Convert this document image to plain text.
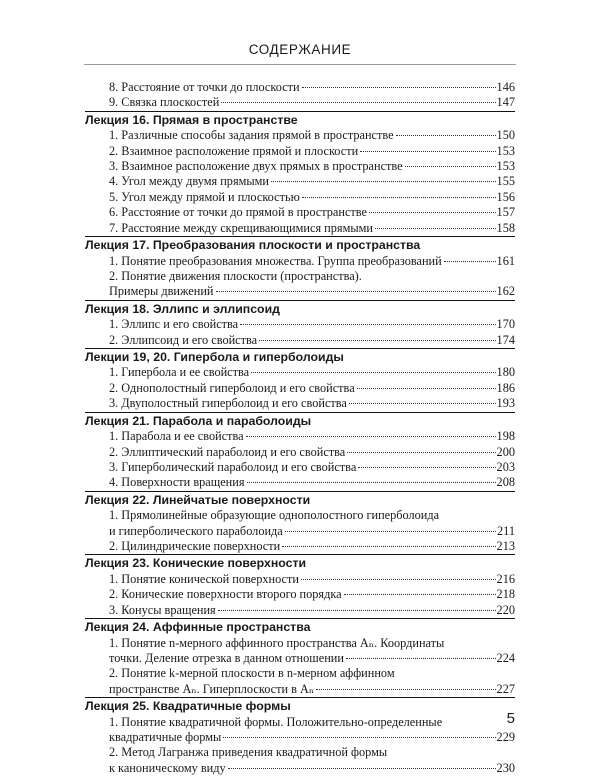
СОДЕРЖАНИЕ
8. Расстояние от точки до плоскости	146
9. Связка плоскостей	147
Лекция 16. Прямая в пространстве
1. Различные способы задания прямой в пространстве	150
2. Взаимное расположение прямой и плоскости	153
3. Взаимное расположение двух прямых в пространстве	153
4. Угол между двумя прямыми	155
5. Угол между прямой и плоскостью	156
6. Расстояние от точки до прямой в пространстве	157
7. Расстояние между скрещивающимися прямыми	158
Лекция 17. Преобразования плоскости и пространства
1. Понятие преобразования множества. Группа преобразований	161
2. Понятие движения плоскости (пространства).
Примеры движений	162
Лекция 18. Эллипс и эллипсоид
1. Эллипс и его свойства	170
2. Эллипсоид и его свойства	174
Лекции 19, 20. Гипербола и гиперболоиды
1. Гипербола и ее свойства	180
2. Однополостный гиперболоид и его свойства	186
3. Двуполостный гиперболоид и его свойства	193
Лекция 21. Парабола и параболоиды
1. Парабола и ее свойства	198
2. Эллиптический параболоид и его свойства	200
3. Гиперболический параболоид и его свойства	203
4. Поверхности вращения	208
Лекция 22. Линейчатые поверхности
1. Прямолинейные образующие однополостного гиперболоида
и гиперболического параболоида	211
2. Цилиндрические поверхности	213
Лекция 23. Конические поверхности
1. Понятие конической поверхности	216
2. Конические поверхности второго порядка	218
3. Конусы вращения	220
Лекция 24. Аффинные пространства
1. Понятие n-мерного аффинного пространства Aₙ. Координаты
точки. Деление отрезка в данном отношении	224
2. Понятие k-мерной плоскости в n-мерном аффинном
пространстве Aₙ. Гиперплоскости в Aₙ	227
Лекция 25. Квадратичные формы
1. Понятие квадратичной формы. Положительно-определенные
квадратичные формы	229
2. Метод Лагранжа приведения квадратичной формы
к каноническому виду	230
5
